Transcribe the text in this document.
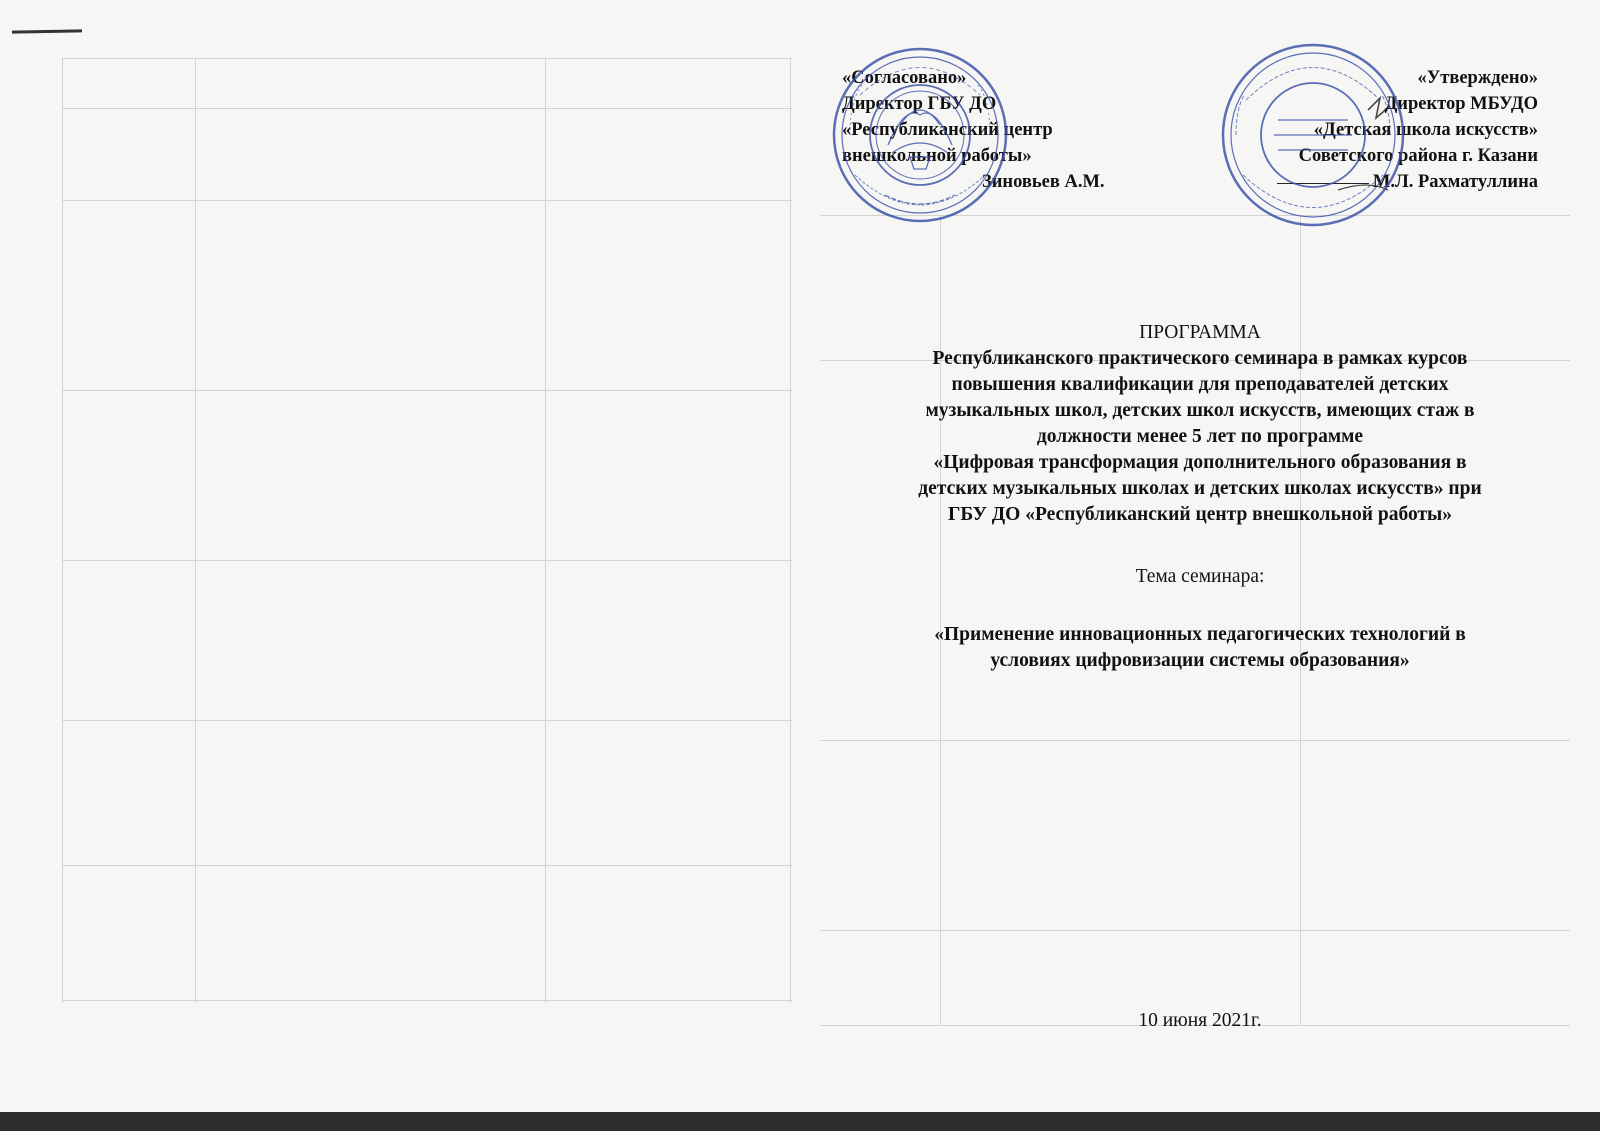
«Согласовано»
Директор ГБУ ДО
«Республиканский центр
внешкольной работы»
Зиновьев А.М.
«Утверждено»
Директор МБУДО
«Детская школа искусств»
Советского района г. Казани
М.Л. Рахматуллина
ПРОГРАММА
Республиканского практического семинара в рамках курсов
повышения квалификации для преподавателей детских
музыкальных школ, детских школ искусств, имеющих стаж в
должности менее 5 лет по программе
«Цифровая трансформация дополнительного образования в
детских музыкальных школах и детских школах искусств» при
ГБУ ДО «Республиканский центр внешкольной работы»
Тема семинара:
«Применение инновационных педагогических технологий в
условиях цифровизации системы образования»
10 июня 2021г.
